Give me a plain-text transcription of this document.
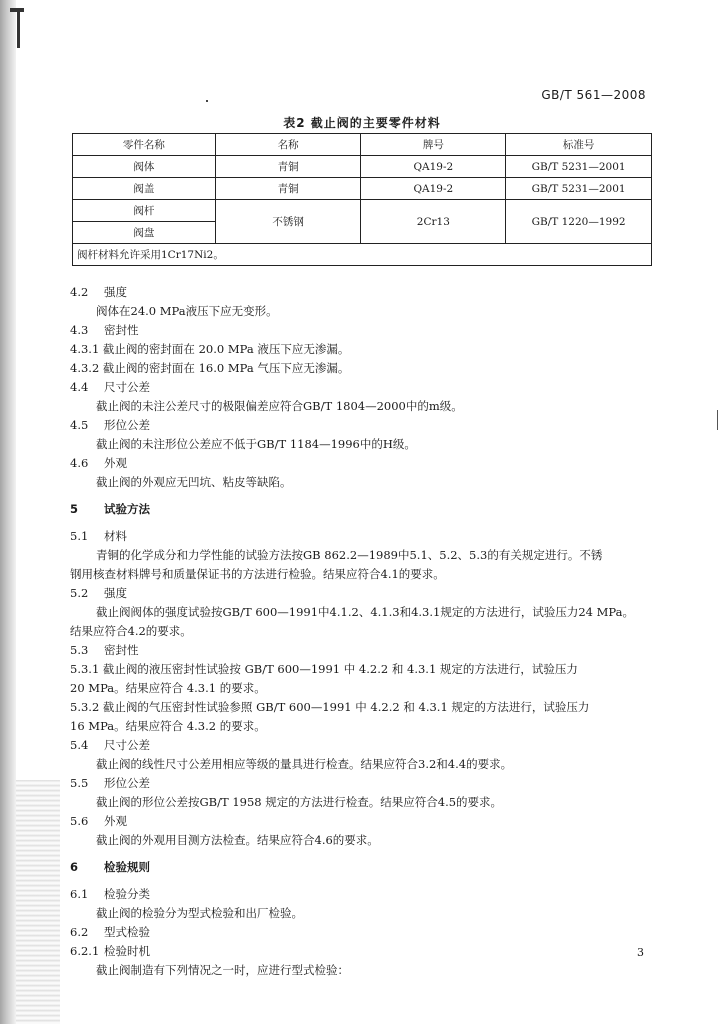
GB/T 561—2008
表2 截止阀的主要零件材料
零件名称	名称	牌号	标准号
阀体	青铜	QA19-2	GB/T 5231—2001
阀盖	青铜	QA19-2	GB/T 5231—2001
阀杆	不锈钢	2Cr13	GB/T 1220—1992
阀盘			
阀杆材料允许采用1Cr17Ni2。			
4.2 强度
阀体在24.0 MPa液压下应无变形。
4.3 密封性
4.3.1 截止阀的密封面在 20.0 MPa 液压下应无渗漏。
4.3.2 截止阀的密封面在 16.0 MPa 气压下应无渗漏。
4.4 尺寸公差
截止阀的未注公差尺寸的极限偏差应符合GB/T 1804—2000中的m级。
4.5 形位公差
截止阀的未注形位公差应不低于GB/T 1184—1996中的H级。
4.6 外观
截止阀的外观应无凹坑、粘皮等缺陷。
5 试验方法
5.1 材料
青铜的化学成分和力学性能的试验方法按GB 862.2—1989中5.1、5.2、5.3的有关规定进行。不锈
钢用核查材料牌号和质量保证书的方法进行检验。结果应符合4.1的要求。
5.2 强度
截止阀阀体的强度试验按GB/T 600—1991中4.1.2、4.1.3和4.3.1规定的方法进行，试验压力24 MPa。
结果应符合4.2的要求。
5.3 密封性
5.3.1 截止阀的液压密封性试验按 GB/T 600—1991 中 4.2.2 和 4.3.1 规定的方法进行，试验压力
20 MPa。结果应符合 4.3.1 的要求。
5.3.2 截止阀的气压密封性试验参照 GB/T 600—1991 中 4.2.2 和 4.3.1 规定的方法进行，试验压力
16 MPa。结果应符合 4.3.2 的要求。
5.4 尺寸公差
截止阀的线性尺寸公差用相应等级的量具进行检查。结果应符合3.2和4.4的要求。
5.5 形位公差
截止阀的形位公差按GB/T 1958 规定的方法进行检查。结果应符合4.5的要求。
5.6 外观
截止阀的外观用目测方法检查。结果应符合4.6的要求。
6 检验规则
6.1 检验分类
截止阀的检验分为型式检验和出厂检验。
6.2 型式检验
6.2.1 检验时机
截止阀制造有下列情况之一时，应进行型式检验：
3
